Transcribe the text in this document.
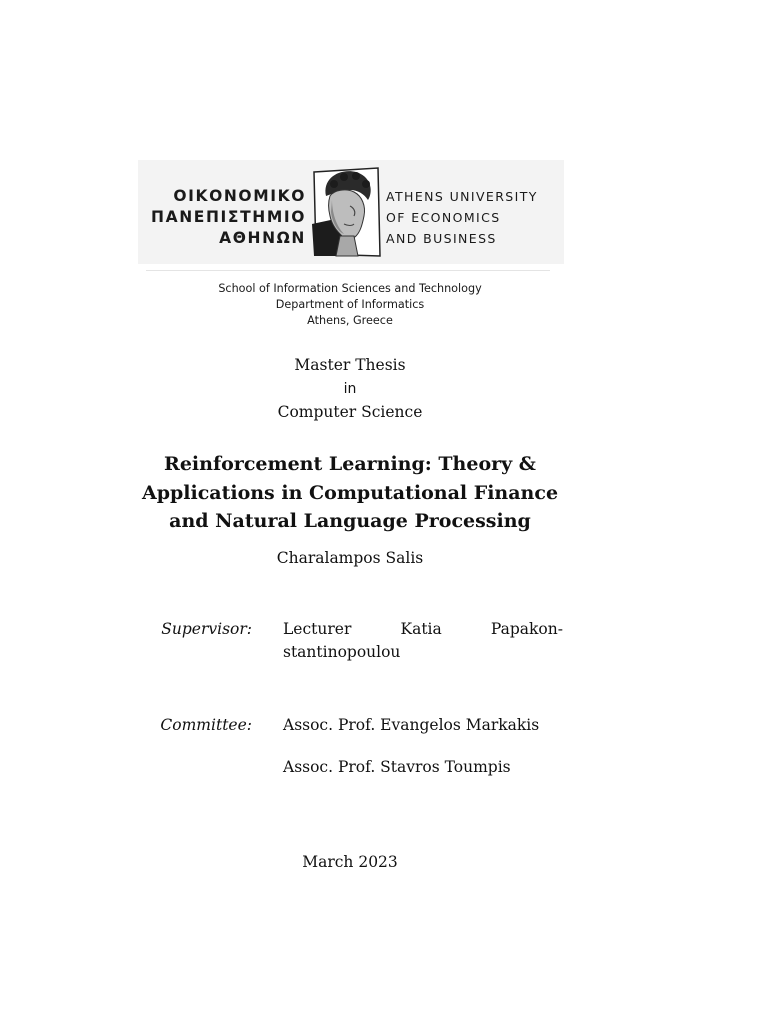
ΟΙΚΟΝΟΜΙΚΟ
ΠΑΝΕΠΙΣΤΗΜΙΟ
ΑΘΗΝΩΝ
ATHENS UNIVERSITY
OF ECONOMICS
AND BUSINESS
School of Information Sciences and Technology
Department of Informatics
Athens, Greece
Master Thesis
in
Computer Science
Reinforcement Learning: Theory &
Applications in Computational Finance
and Natural Language Processing
Charalampos Salis
Supervisor: Lecturer	Katia	Papakon-
stantinopoulou
Committee: Assoc. Prof. Evangelos Markakis
Assoc. Prof. Stavros Toumpis
March 2023
